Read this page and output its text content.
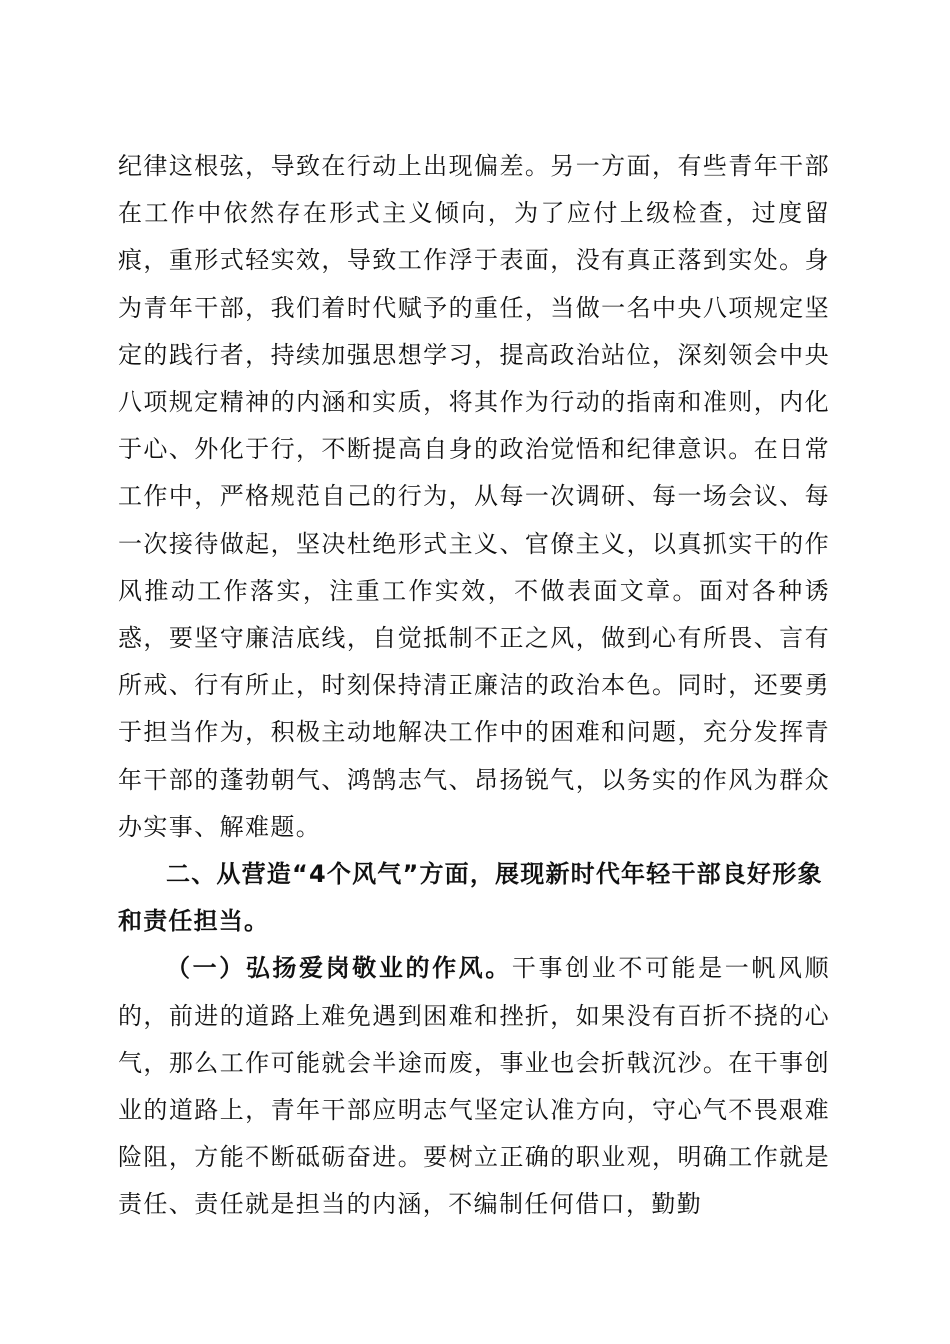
纪律这根弦，导致在行动上出现偏差。另一方面，有些青年干部在工作中依然存在形式主义倾向，为了应付上级检查，过度留痕，重形式轻实效，导致工作浮于表面，没有真正落到实处。身为青年干部，我们着时代赋予的重任，当做一名中央八项规定坚定的践行者，持续加强思想学习，提高政治站位，深刻领会中央八项规定精神的内涵和实质，将其作为行动的指南和准则，内化于心、外化于行，不断提高自身的政治觉悟和纪律意识。在日常工作中，严格规范自己的行为，从每一次调研、每一场会议、每一次接待做起，坚决杜绝形式主义、官僚主义，以真抓实干的作风推动工作落实，注重工作实效，不做表面文章。面对各种诱惑，要坚守廉洁底线，自觉抵制不正之风，做到心有所畏、言有所戒、行有所止，时刻保持清正廉洁的政治本色。同时，还要勇于担当作为，积极主动地解决工作中的困难和问题，充分发挥青年干部的蓬勃朝气、鸿鹄志气、昂扬锐气，以务实的作风为群众办实事、解难题。

二、从营造“4个风气”方面，展现新时代年轻干部良好形象和责任担当。

（一）弘扬爱岗敬业的作风。干事创业不可能是一帆风顺的，前进的道路上难免遇到困难和挫折，如果没有百折不挠的心气，那么工作可能就会半途而废，事业也会折戟沉沙。在干事创业的道路上，青年干部应明志气坚定认准方向，守心气不畏艰难险阻，方能不断砥砺奋进。要树立正确的职业观，明确工作就是责任、责任就是担当的内涵，不编制任何借口，勤勤
